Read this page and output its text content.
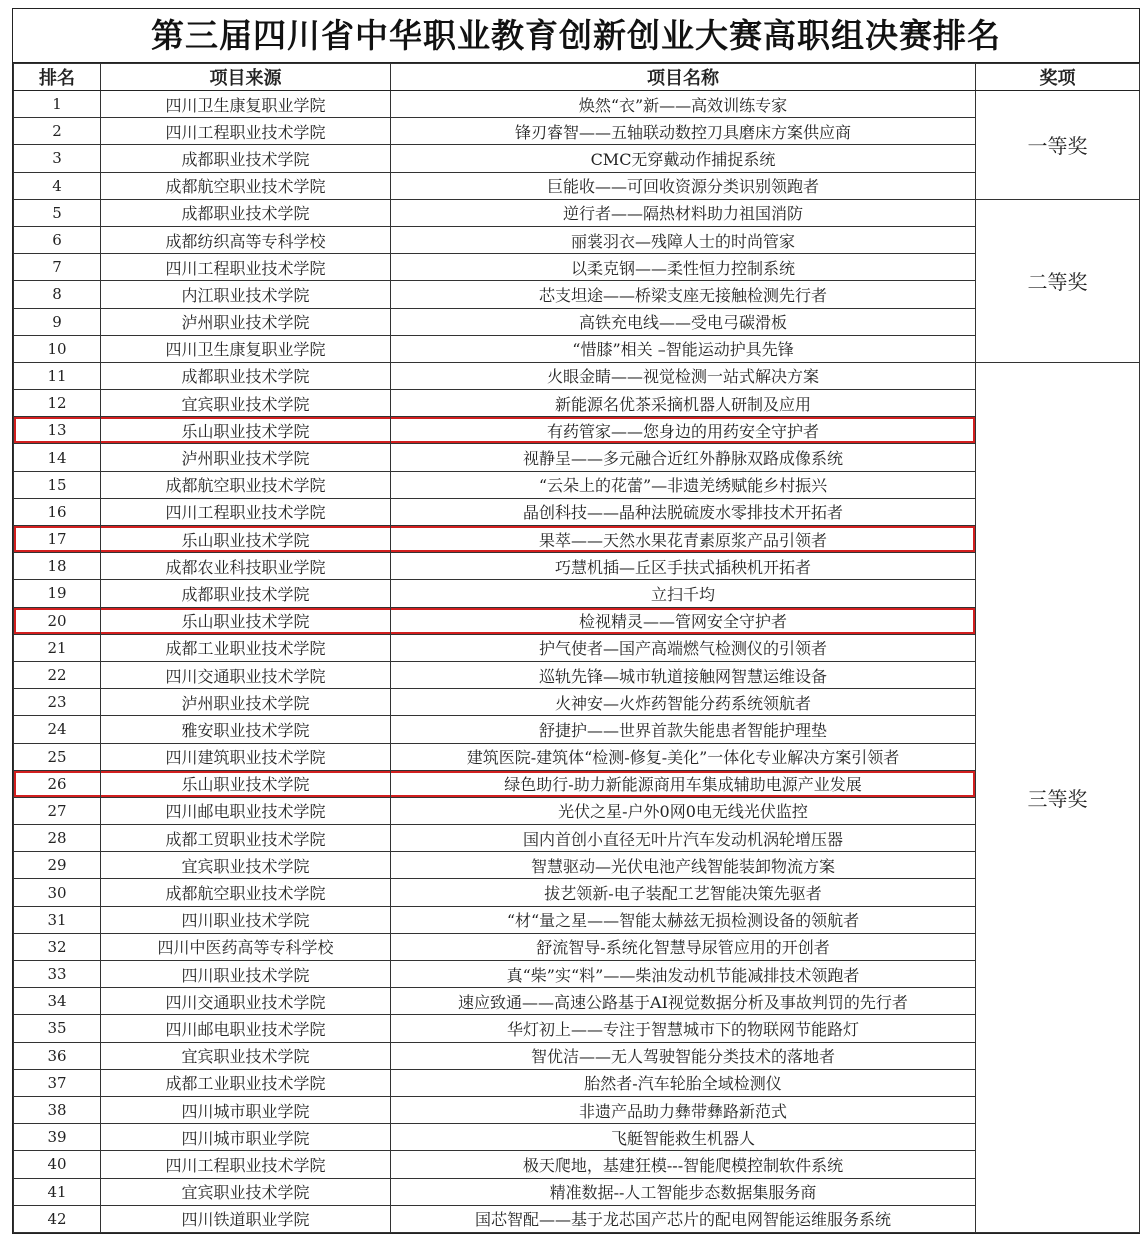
第三届四川省中华职业教育创新创业大赛高职组决赛排名
排名	项目来源	项目名称	奖项
1	四川卫生康复职业学院	焕然“衣”新——高效训练专家	一等奖
2	四川工程职业技术学院	锋刃睿智——五轴联动数控刀具磨床方案供应商	
3	成都职业技术学院	CMC无穿戴动作捕捉系统	
4	成都航空职业技术学院	巨能收——可回收资源分类识别领跑者	
5	成都职业技术学院	逆行者——隔热材料助力祖国消防	二等奖
6	成都纺织高等专科学校	丽裳羽衣—残障人士的时尚管家	
7	四川工程职业技术学院	以柔克钢——柔性恒力控制系统	
8	内江职业技术学院	芯支坦途——桥梁支座无接触检测先行者	
9	泸州职业技术学院	高铁充电线——受电弓碳滑板	
10	四川卫生康复职业学院	“惜膝”相关 –智能运动护具先锋	
11	成都职业技术学院	火眼金睛——视觉检测一站式解决方案	三等奖
12	宜宾职业技术学院	新能源名优茶采摘机器人研制及应用	
13	乐山职业技术学院	有药管家——您身边的用药安全守护者	
14	泸州职业技术学院	视静呈——多元融合近红外静脉双路成像系统	
15	成都航空职业技术学院	“云朵上的花蕾”—非遗羌绣赋能乡村振兴	
16	四川工程职业技术学院	晶创科技——晶种法脱硫废水零排技术开拓者	
17	乐山职业技术学院	果萃——天然水果花青素原浆产品引领者	
18	成都农业科技职业学院	巧慧机插—丘区手扶式插秧机开拓者	
19	成都职业技术学院	立扫千均	
20	乐山职业技术学院	检视精灵——管网安全守护者	
21	成都工业职业技术学院	护气使者—国产高端燃气检测仪的引领者	
22	四川交通职业技术学院	巡轨先锋—城市轨道接触网智慧运维设备	
23	泸州职业技术学院	火神安—火炸药智能分药系统领航者	
24	雅安职业技术学院	舒捷护——世界首款失能患者智能护理垫	
25	四川建筑职业技术学院	建筑医院-建筑体“检测-修复-美化”一体化专业解决方案引领者	
26	乐山职业技术学院	绿色助行-助力新能源商用车集成辅助电源产业发展	
27	四川邮电职业技术学院	光伏之星-户外0网0电无线光伏监控	
28	成都工贸职业技术学院	国内首创小直径无叶片汽车发动机涡轮增压器	
29	宜宾职业技术学院	智慧驱动—光伏电池产线智能装卸物流方案	
30	成都航空职业技术学院	拔艺领新-电子装配工艺智能决策先驱者	
31	四川职业技术学院	“材“量之星——智能太赫兹无损检测设备的领航者	
32	四川中医药高等专科学校	舒流智导-系统化智慧导尿管应用的开创者	
33	四川职业技术学院	真“柴”实“料”——柴油发动机节能减排技术领跑者	
34	四川交通职业技术学院	速应致通——高速公路基于AI视觉数据分析及事故判罚的先行者	
35	四川邮电职业技术学院	华灯初上——专注于智慧城市下的物联网节能路灯	
36	宜宾职业技术学院	智优洁——无人驾驶智能分类技术的落地者	
37	成都工业职业技术学院	胎然者-汽车轮胎全域检测仪	
38	四川城市职业学院	非遗产品助力彝带彝路新范式	
39	四川城市职业学院	飞艇智能救生机器人	
40	四川工程职业技术学院	极天爬地，基建狂模---智能爬模控制软件系统	
41	宜宾职业技术学院	精准数据--人工智能步态数据集服务商	
42	四川铁道职业学院	国芯智配——基于龙芯国产芯片的配电网智能运维服务系统	
